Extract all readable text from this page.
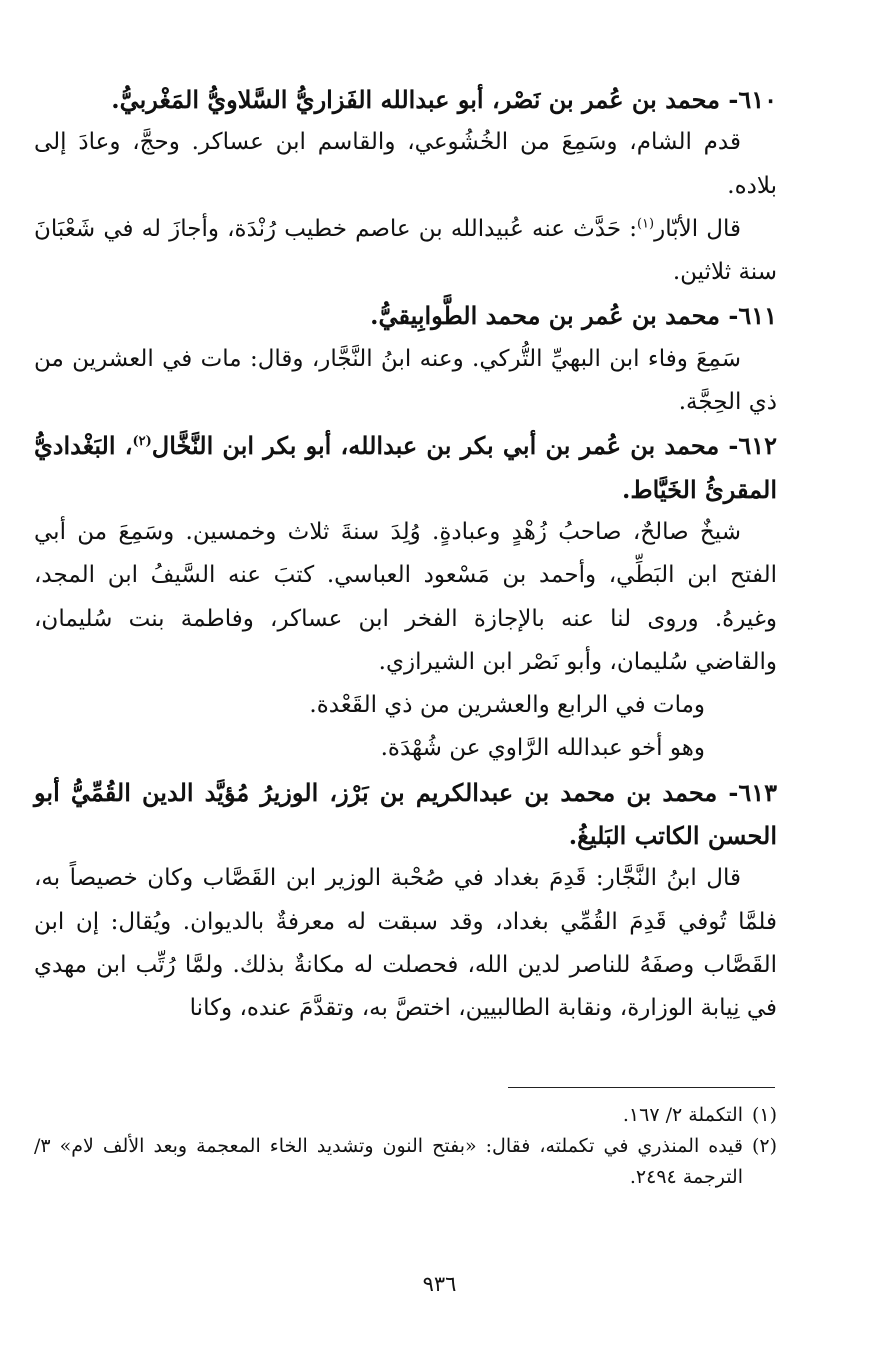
٦١٠- محمد بن عُمر بن نَصْر، أبو عبدالله الفَزاريُّ السَّلاويُّ المَغْربيُّ.

قدم الشام، وسَمِعَ من الخُشُوعي، والقاسم ابن عساكر. وحجَّ، وعادَ إلى بلاده.

قال الأبّار$^{(١)}$: حَدَّث عنه عُبيدالله بن عاصم خطيب رُنْدَة، وأجازَ له في شَعْبَانَ سنة ثلاثين.

٦١١- محمد بن عُمر بن محمد الطَّوابِيقيُّ.

سَمِعَ وفاء ابن البهيِّ التُّركي. وعنه ابنُ النَّجَّار، وقال: مات في العشرين من ذي الحِجَّة.

٦١٢- محمد بن عُمر بن أبي بكر بن عبدالله، أبو بكر ابن النَّخَّال$^{(٢)}$، البَغْداديُّ المقرئُ الخَيَّاط.

شيخٌ صالحٌ، صاحبُ زُهْدٍ وعبادةٍ. وُلِدَ سنةَ ثلاث وخمسين. وسَمِعَ من أبي الفتح ابن البَطِّي، وأحمد بن مَسْعود العباسي. كتبَ عنه السَّيفُ ابن المجد، وغيرهُ. وروى لنا عنه بالإجازة الفخر ابن عساكر، وفاطمة بنت سُليمان، والقاضي سُليمان، وأبو نَصْر ابن الشيرازي.

ومات في الرابع والعشرين من ذي القَعْدة.

وهو أخو عبدالله الرَّاوي عن شُهْدَة.

٦١٣- محمد بن محمد بن عبدالكريم بن بَرْز، الوزيرُ مُؤيَّد الدين القُمِّيُّ أبو الحسن الكاتب البَليغُ.

قال ابنُ النَّجَّار: قَدِمَ بغداد في صُحْبة الوزير ابن القَصَّاب وكان خصيصاً به، فلمَّا تُوفي قَدِمَ القُمِّي بغداد، وقد سبقت له معرفةٌ بالديوان. ويُقال: إن ابن القَصَّاب وصفَهُ للناصر لدين الله، فحصلت له مكانةٌ بذلك. ولمَّا رُتِّب ابن مهدي في نِيابة الوزارة، ونقابة الطالبيين، اختصَّ به، وتقدَّمَ عنده، وكانا

(١)
التكملة ٢/ ١٦٧.

(٢)
قيده المنذري في تكملته، فقال: «بفتح النون وتشديد الخاء المعجمة وبعد الألف لام» ٣/ الترجمة ٢٤٩٤.

٩٣٦
